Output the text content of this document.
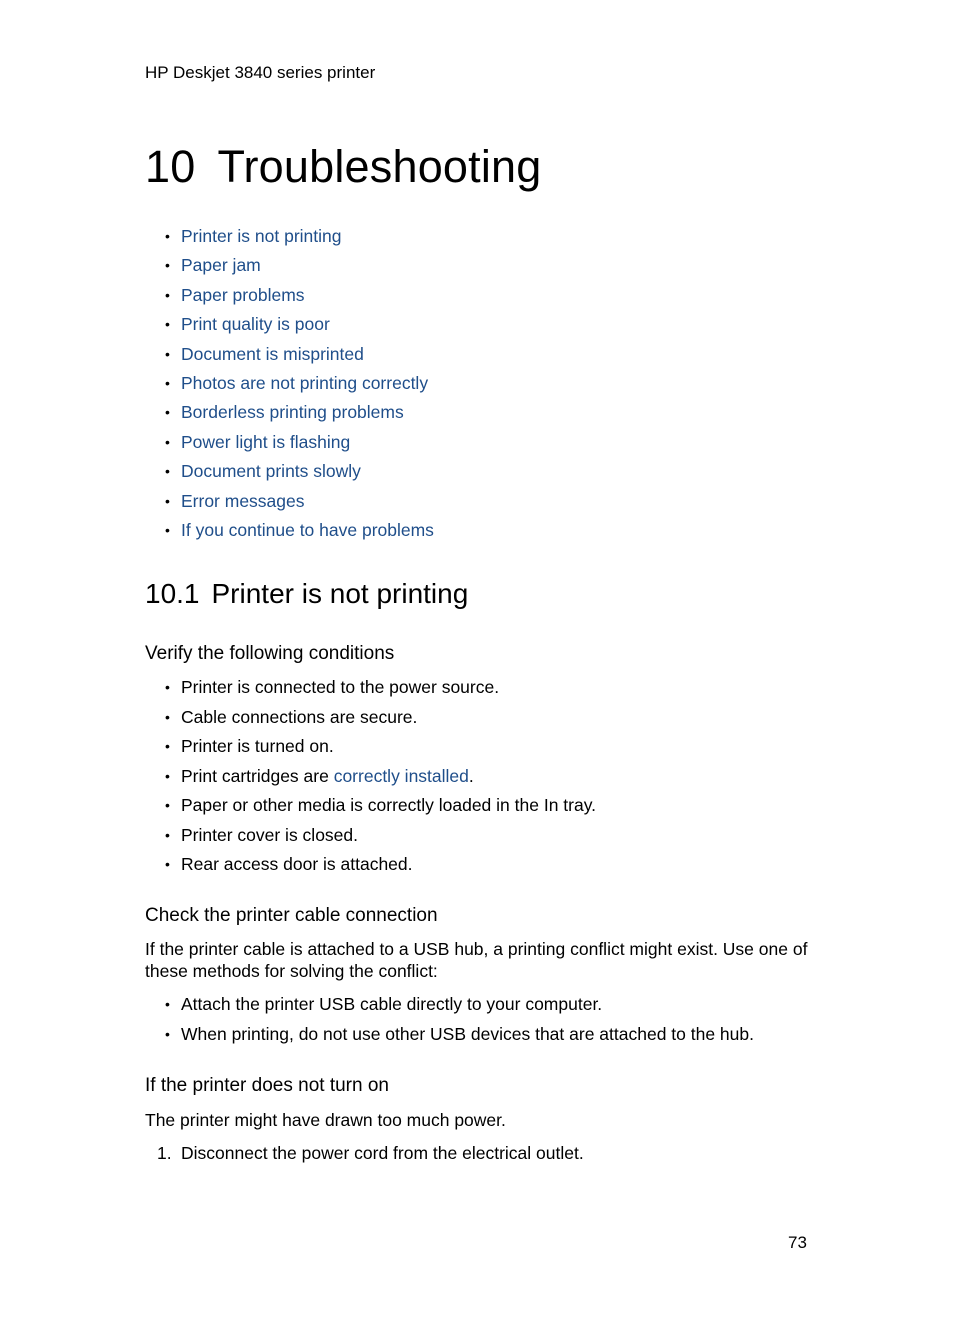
HP Deskjet 3840 series printer
10 Troubleshooting
• Printer is not printing
• Paper jam
• Paper problems
• Print quality is poor
• Document is misprinted
• Photos are not printing correctly
• Borderless printing problems
• Power light is flashing
• Document prints slowly
• Error messages
• If you continue to have problems
10.1 Printer is not printing
Verify the following conditions
• Printer is connected to the power source.
• Cable connections are secure.
• Printer is turned on.
• Print cartridges are correctly installed.
• Paper or other media is correctly loaded in the In tray.
• Printer cover is closed.
• Rear access door is attached.
Check the printer cable connection

If the printer cable is attached to a USB hub, a printing conflict might exist. Use one of these methods for solving the conflict:

• Attach the printer USB cable directly to your computer.
• When printing, do not use other USB devices that are attached to the hub.
If the printer does not turn on

The printer might have drawn too much power.

1. Disconnect the power cord from the electrical outlet.
73
